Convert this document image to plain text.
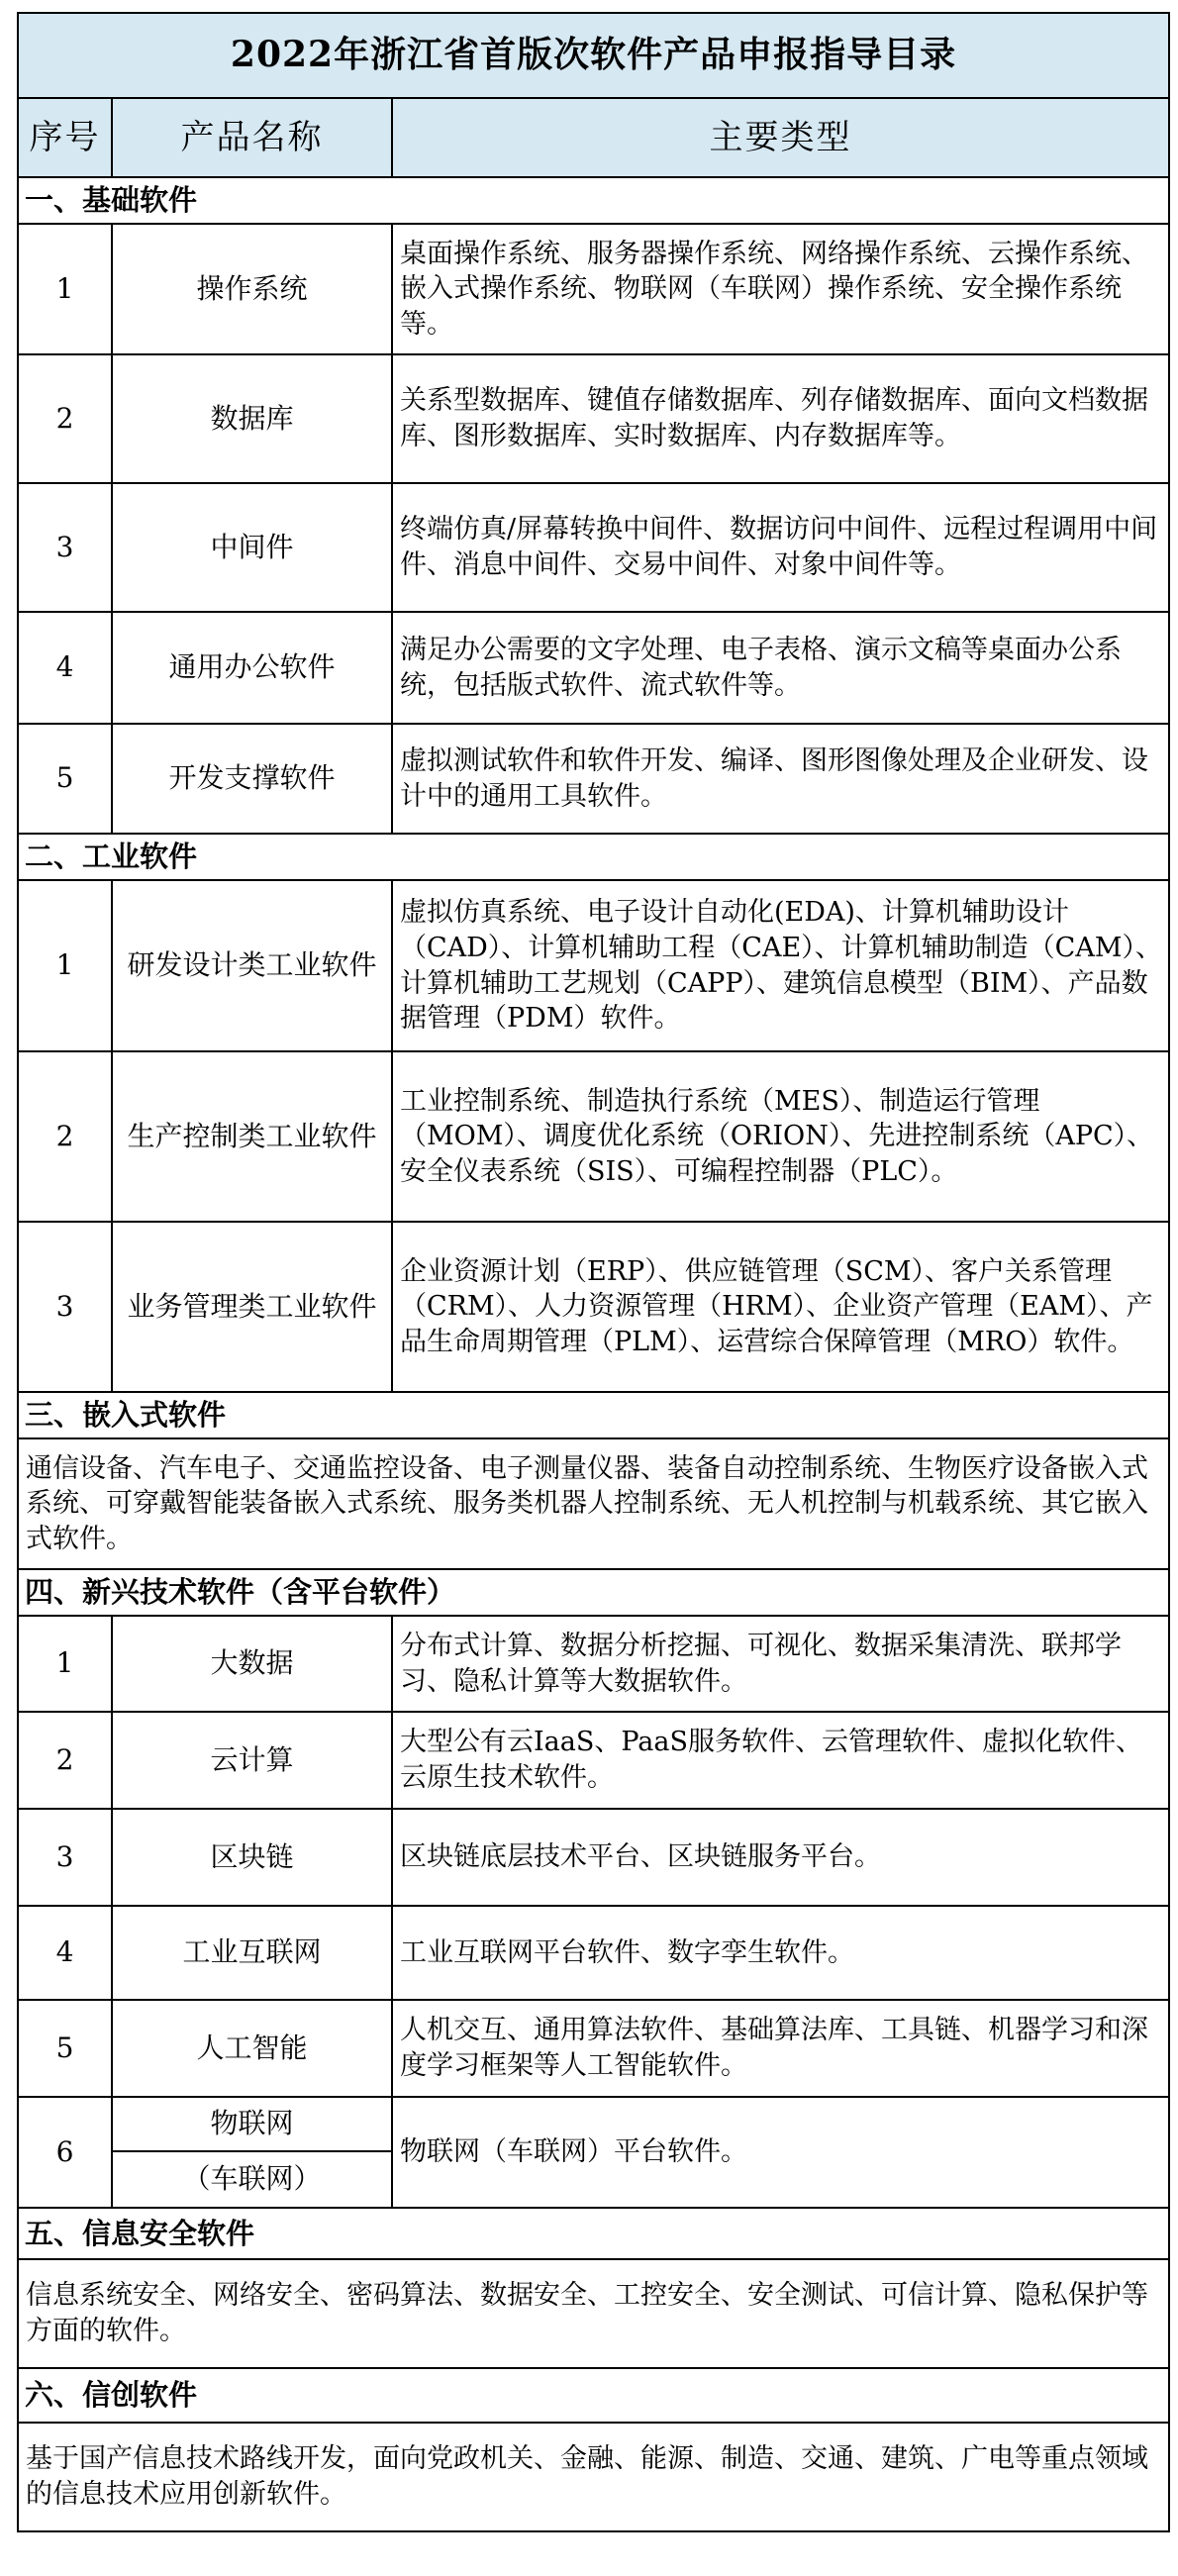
2022年浙江省首版次软件产品申报指导目录		
序号	产品名称	主要类型
一、基础软件		
1	操作系统	桌面操作系统、服务器操作系统、网络操作系统、云操作系统、嵌入式操作系统、物联网（车联网）操作系统、安全操作系统等。
2	数据库	关系型数据库、键值存储数据库、列存储数据库、面向文档数据库、图形数据库、实时数据库、内存数据库等。
3	中间件	终端仿真/屏幕转换中间件、数据访问中间件、远程过程调用中间件、消息中间件、交易中间件、对象中间件等。
4	通用办公软件	满足办公需要的文字处理、电子表格、演示文稿等桌面办公系统，包括版式软件、流式软件等。
5	开发支撑软件	虚拟测试软件和软件开发、编译、图形图像处理及企业研发、设计中的通用工具软件。
二、工业软件		
1	研发设计类工业软件	虚拟仿真系统、电子设计自动化(EDA)、计算机辅助设计（CAD）、计算机辅助工程（CAE）、计算机辅助制造（CAM）、计算机辅助工艺规划（CAPP）、建筑信息模型（BIM）、产品数据管理（PDM）软件。
2	生产控制类工业软件	工业控制系统、制造执行系统（MES）、制造运行管理（MOM）、调度优化系统（ORION）、先进控制系统（APC）、安全仪表系统（SIS）、可编程控制器（PLC）。
3	业务管理类工业软件	企业资源计划（ERP）、供应链管理（SCM）、客户关系管理（CRM）、人力资源管理（HRM）、企业资产管理（EAM）、产品生命周期管理（PLM）、运营综合保障管理（MRO）软件。
三、嵌入式软件		
通信设备、汽车电子、交通监控设备、电子测量仪器、装备自动控制系统、生物医疗设备嵌入式系统、可穿戴智能装备嵌入式系统、服务类机器人控制系统、无人机控制与机载系统、其它嵌入式软件。		
四、新兴技术软件（含平台软件）		
1	大数据	分布式计算、数据分析挖掘、可视化、数据采集清洗、联邦学习、隐私计算等大数据软件。
2	云计算	大型公有云IaaS、PaaS服务软件、云管理软件、虚拟化软件、云原生技术软件。
3	区块链	区块链底层技术平台、区块链服务平台。
4	工业互联网	工业互联网平台软件、数字孪生软件。
5	人工智能	人机交互、通用算法软件、基础算法库、工具链、机器学习和深度学习框架等人工智能软件。
6	物联网	物联网（车联网）平台软件。
	（车联网）	
五、信息安全软件		
信息系统安全、网络安全、密码算法、数据安全、工控安全、安全测试、可信计算、隐私保护等方面的软件。		
六、信创软件		
基于国产信息技术路线开发，面向党政机关、金融、能源、制造、交通、建筑、广电等重点领域的信息技术应用创新软件。		
